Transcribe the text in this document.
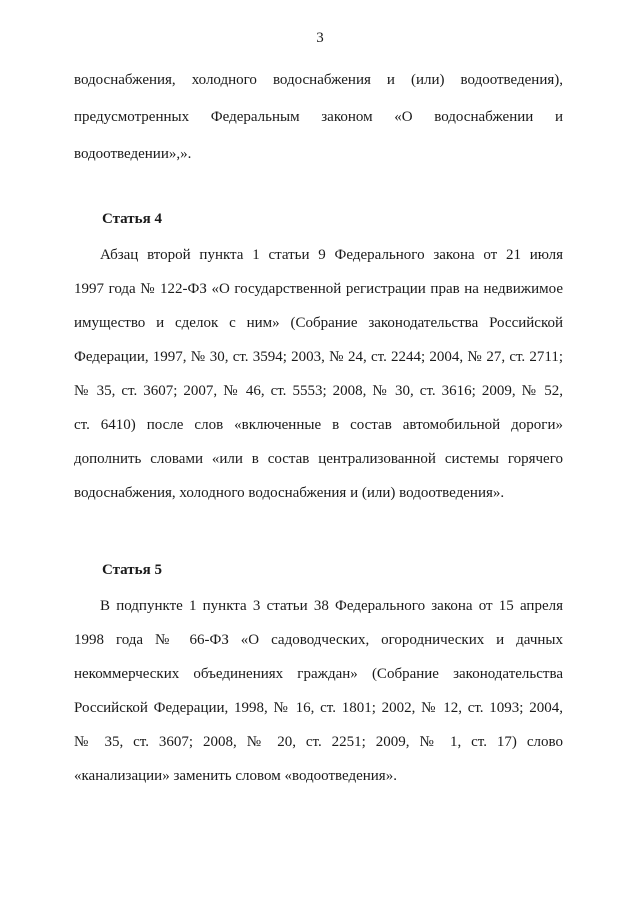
3
водоснабжения, холодного водоснабжения и (или) водоотведения),
предусмотренных Федеральным законом «О водоснабжении и
водоотведении»,».
Статья 4
Абзац второй пункта 1 статьи 9 Федерального закона от 21 июля
1997 года № 122-ФЗ «О государственной регистрации прав на недвижимое
имущество и сделок с ним» (Собрание законодательства Российской
Федерации, 1997, № 30, ст. 3594; 2003, № 24, ст. 2244; 2004, № 27, ст. 2711;
№ 35, ст. 3607; 2007, № 46, ст. 5553; 2008, № 30, ст. 3616; 2009, № 52,
ст. 6410) после слов «включенные в состав автомобильной дороги»
дополнить словами «или в состав централизованной системы горячего
водоснабжения, холодного водоснабжения и (или) водоотведения».
Статья 5
В подпункте 1 пункта 3 статьи 38 Федерального закона от 15 апреля
1998 года № 66-ФЗ «О садоводческих, огороднических и дачных
некоммерческих объединениях граждан» (Собрание законодательства
Российской Федерации, 1998, № 16, ст. 1801; 2002, № 12, ст. 1093; 2004,
№ 35, ст. 3607; 2008, № 20, ст. 2251; 2009, № 1, ст. 17) слово
«канализации» заменить словом «водоотведения».
